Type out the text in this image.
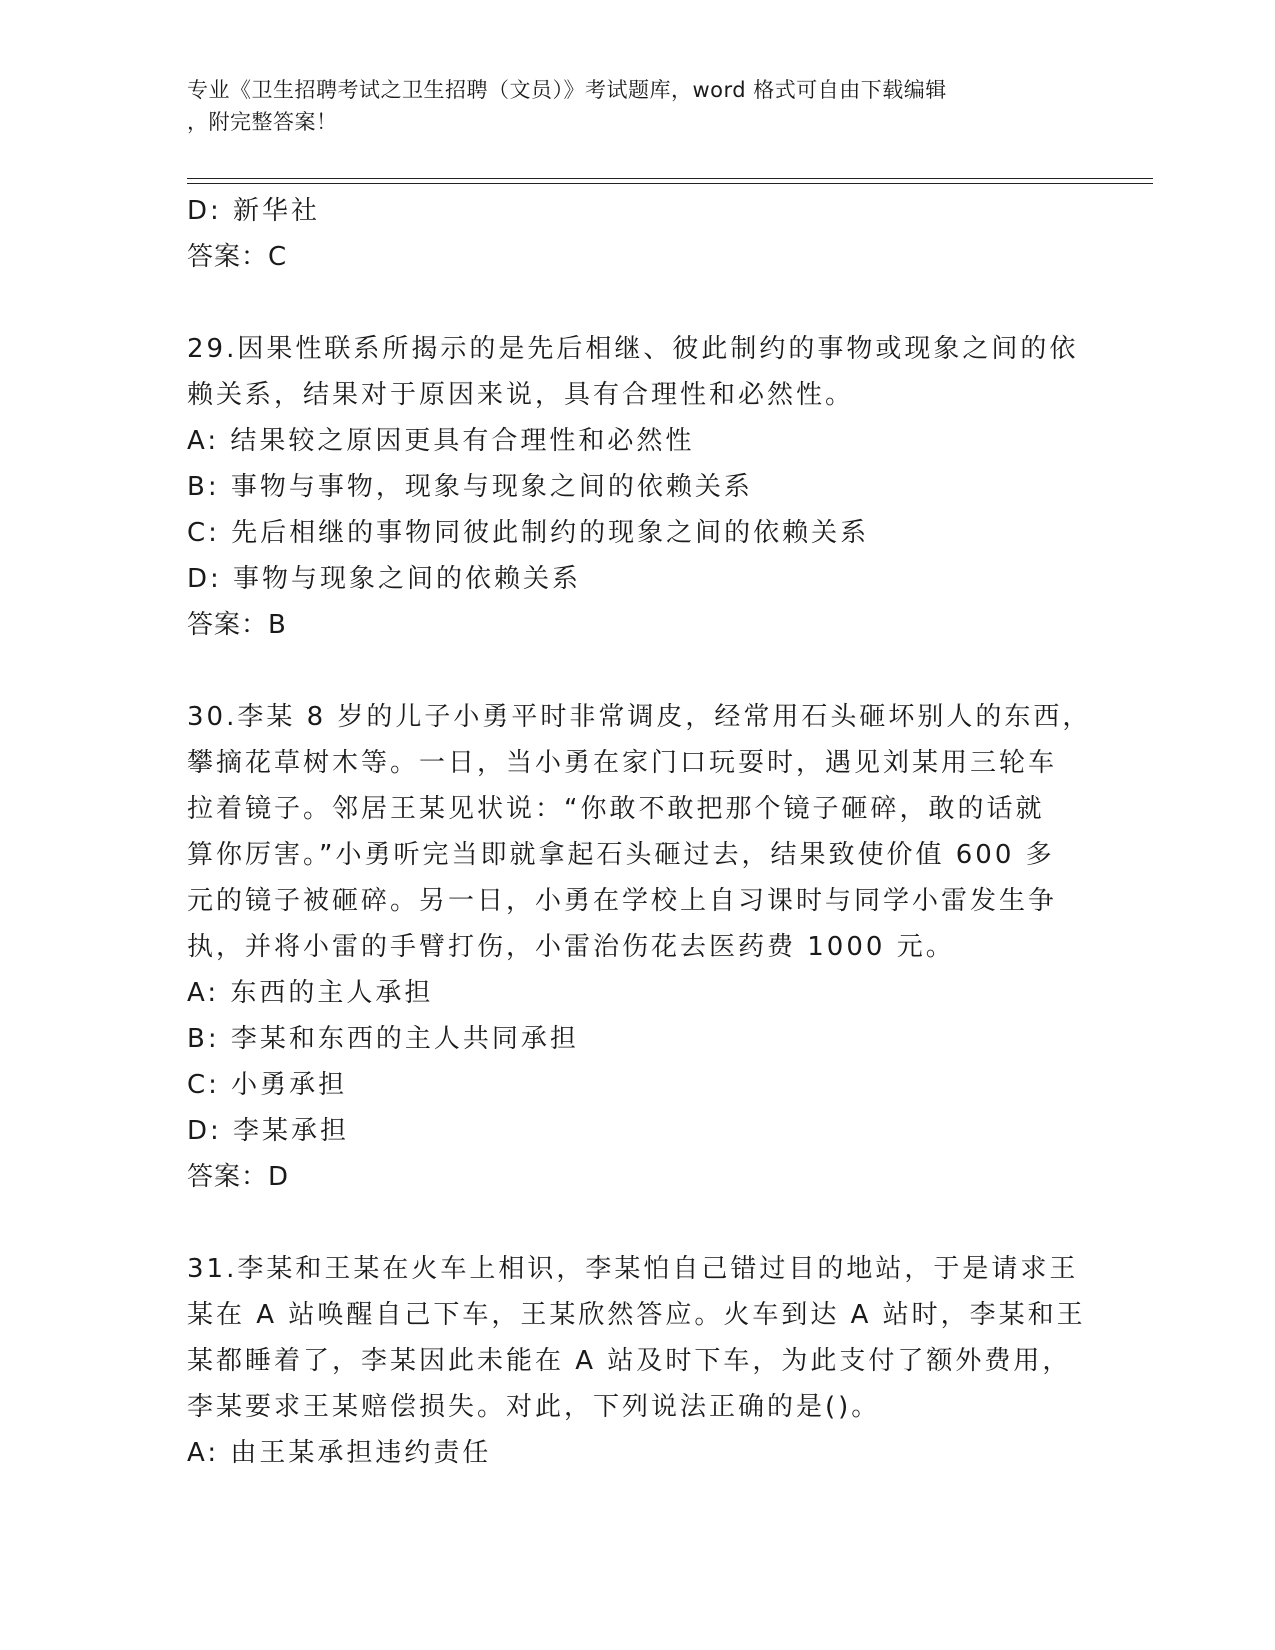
专业《卫生招聘考试之卫生招聘（文员）》考试题库，word 格式可自由下载编辑
，附完整答案！
D: 新华社
答案：C
29.因果性联系所揭示的是先后相继、彼此制约的事物或现象之间的依
赖关系，结果对于原因来说，具有合理性和必然性。
A: 结果较之原因更具有合理性和必然性
B: 事物与事物，现象与现象之间的依赖关系
C: 先后相继的事物同彼此制约的现象之间的依赖关系
D: 事物与现象之间的依赖关系
答案：B
30.李某 8 岁的儿子小勇平时非常调皮，经常用石头砸坏别人的东西，
攀摘花草树木等。一日，当小勇在家门口玩耍时，遇见刘某用三轮车
拉着镜子。邻居王某见状说：“你敢不敢把那个镜子砸碎，敢的话就
算你厉害。”小勇听完当即就拿起石头砸过去，结果致使价值 600 多
元的镜子被砸碎。另一日，小勇在学校上自习课时与同学小雷发生争
执，并将小雷的手臂打伤，小雷治伤花去医药费 1000 元。
A: 东西的主人承担
B: 李某和东西的主人共同承担
C: 小勇承担
D: 李某承担
答案：D
31.李某和王某在火车上相识，李某怕自己错过目的地站，于是请求王
某在 A 站唤醒自己下车，王某欣然答应。火车到达 A 站时，李某和王
某都睡着了，李某因此未能在 A 站及时下车，为此支付了额外费用，
李某要求王某赔偿损失。对此，下列说法正确的是()。
A: 由王某承担违约责任
